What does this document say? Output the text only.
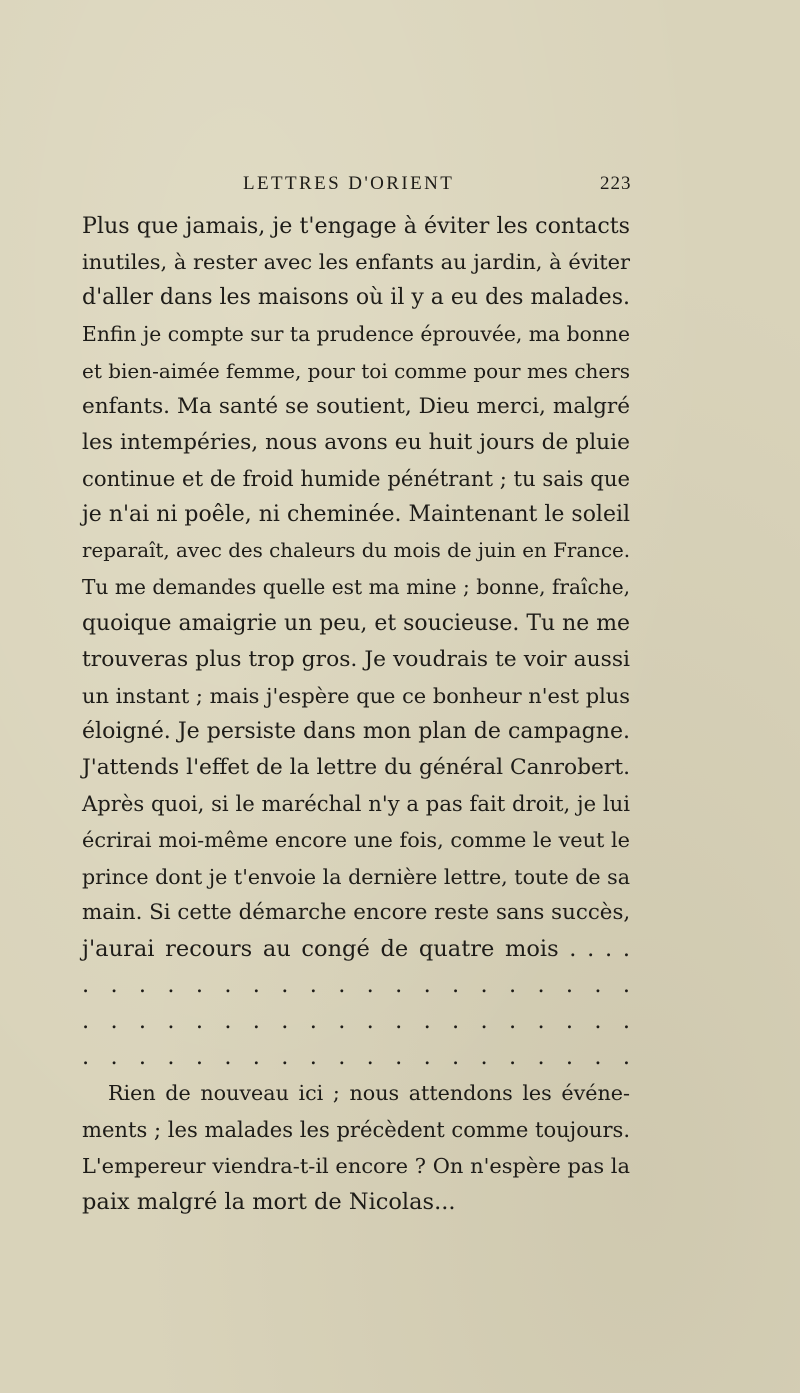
LETTRES D'ORIENT	223
Plus que jamais, je t'engage à éviter les contacts
inutiles, à rester avec les enfants au jardin, à éviter
d'aller dans les maisons où il y a eu des malades.
Enfin je compte sur ta prudence éprouvée, ma bonne
et bien-aimée femme, pour toi comme pour mes chers
enfants. Ma santé se soutient, Dieu merci, malgré
les intempéries, nous avons eu huit jours de pluie
continue et de froid humide pénétrant ; tu sais que
je n'ai ni poêle, ni cheminée. Maintenant le soleil
reparaît, avec des chaleurs du mois de juin en France.
Tu me demandes quelle est ma mine ; bonne, fraîche,
quoique amaigrie un peu, et soucieuse. Tu ne me
trouveras plus trop gros. Je voudrais te voir aussi
un instant ; mais j'espère que ce bonheur n'est plus
éloigné. Je persiste dans mon plan de campagne.
J'attends l'effet de la lettre du général Canrobert.
Après quoi, si le maréchal n'y a pas fait droit, je lui
écrirai moi-même encore une fois, comme le veut le
prince dont je t'envoie la dernière lettre, toute de sa
main. Si cette démarche encore reste sans succès,
j'aurai recours au congé de quatre mois . . . .
. . . . . . . . . . . . . . . . . . . .
. . . . . . . . . . . . . . . . . . . .
. . . . . . . . . . . . . . . . . . . .
Rien de nouveau ici ; nous attendons les événe-
ments ; les malades les précèdent comme toujours.
L'empereur viendra-t-il encore ? On n'espère pas la
paix malgré la mort de Nicolas...
